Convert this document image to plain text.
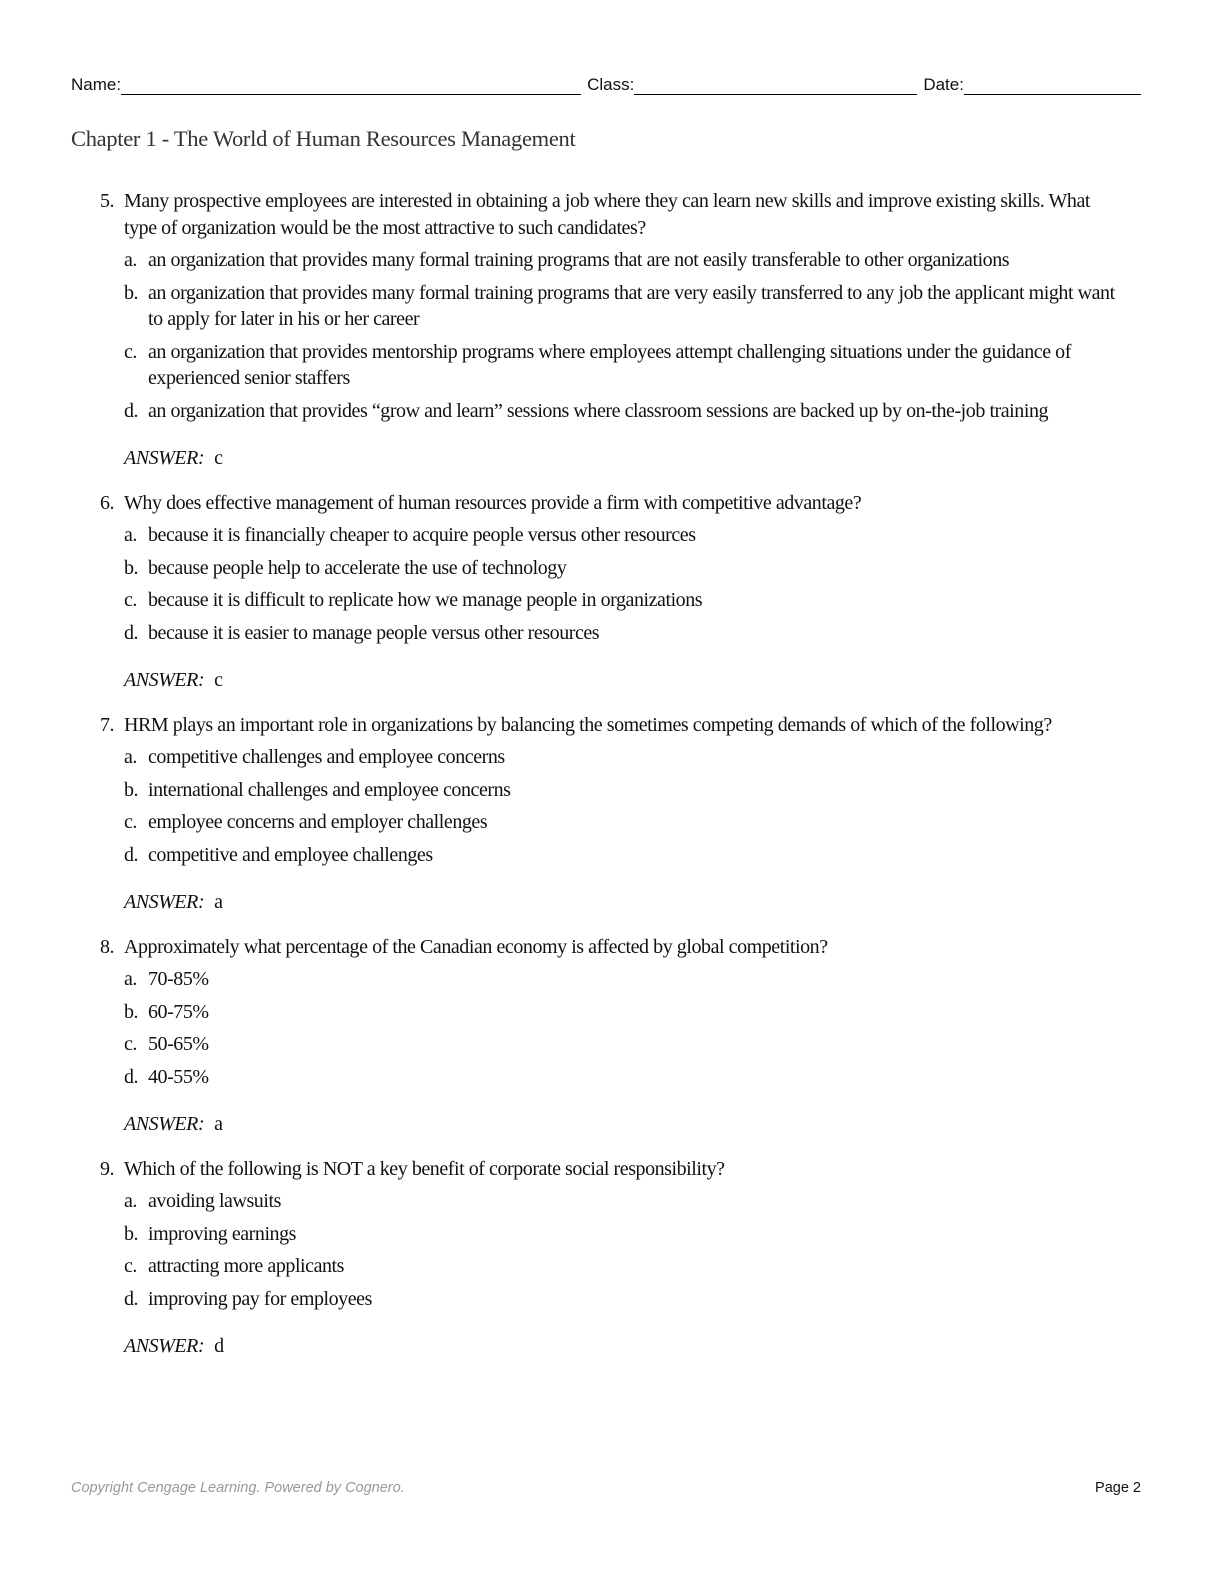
Name:	Class:	Date:
Chapter 1 - The World of Human Resources Management
5. Many prospective employees are interested in obtaining a job where they can learn new skills and improve existing skills. What type of organization would be the most attractive to such candidates?
a. an organization that provides many formal training programs that are not easily transferable to other organizations
b. an organization that provides many formal training programs that are very easily transferred to any job the applicant might want to apply for later in his or her career
c. an organization that provides mentorship programs where employees attempt challenging situations under the guidance of experienced senior staffers
d. an organization that provides “grow and learn” sessions where classroom sessions are backed up by on-the-job training
ANSWER: c
6. Why does effective management of human resources provide a firm with competitive advantage?
a. because it is financially cheaper to acquire people versus other resources
b. because people help to accelerate the use of technology
c. because it is difficult to replicate how we manage people in organizations
d. because it is easier to manage people versus other resources
ANSWER: c
7. HRM plays an important role in organizations by balancing the sometimes competing demands of which of the following?
a. competitive challenges and employee concerns
b. international challenges and employee concerns
c. employee concerns and employer challenges
d. competitive and employee challenges
ANSWER: a
8. Approximately what percentage of the Canadian economy is affected by global competition?
a. 70-85%
b. 60-75%
c. 50-65%
d. 40-55%
ANSWER: a
9. Which of the following is NOT a key benefit of corporate social responsibility?
a. avoiding lawsuits
b. improving earnings
c. attracting more applicants
d. improving pay for employees
ANSWER: d
Copyright Cengage Learning. Powered by Cognero.	Page 2
